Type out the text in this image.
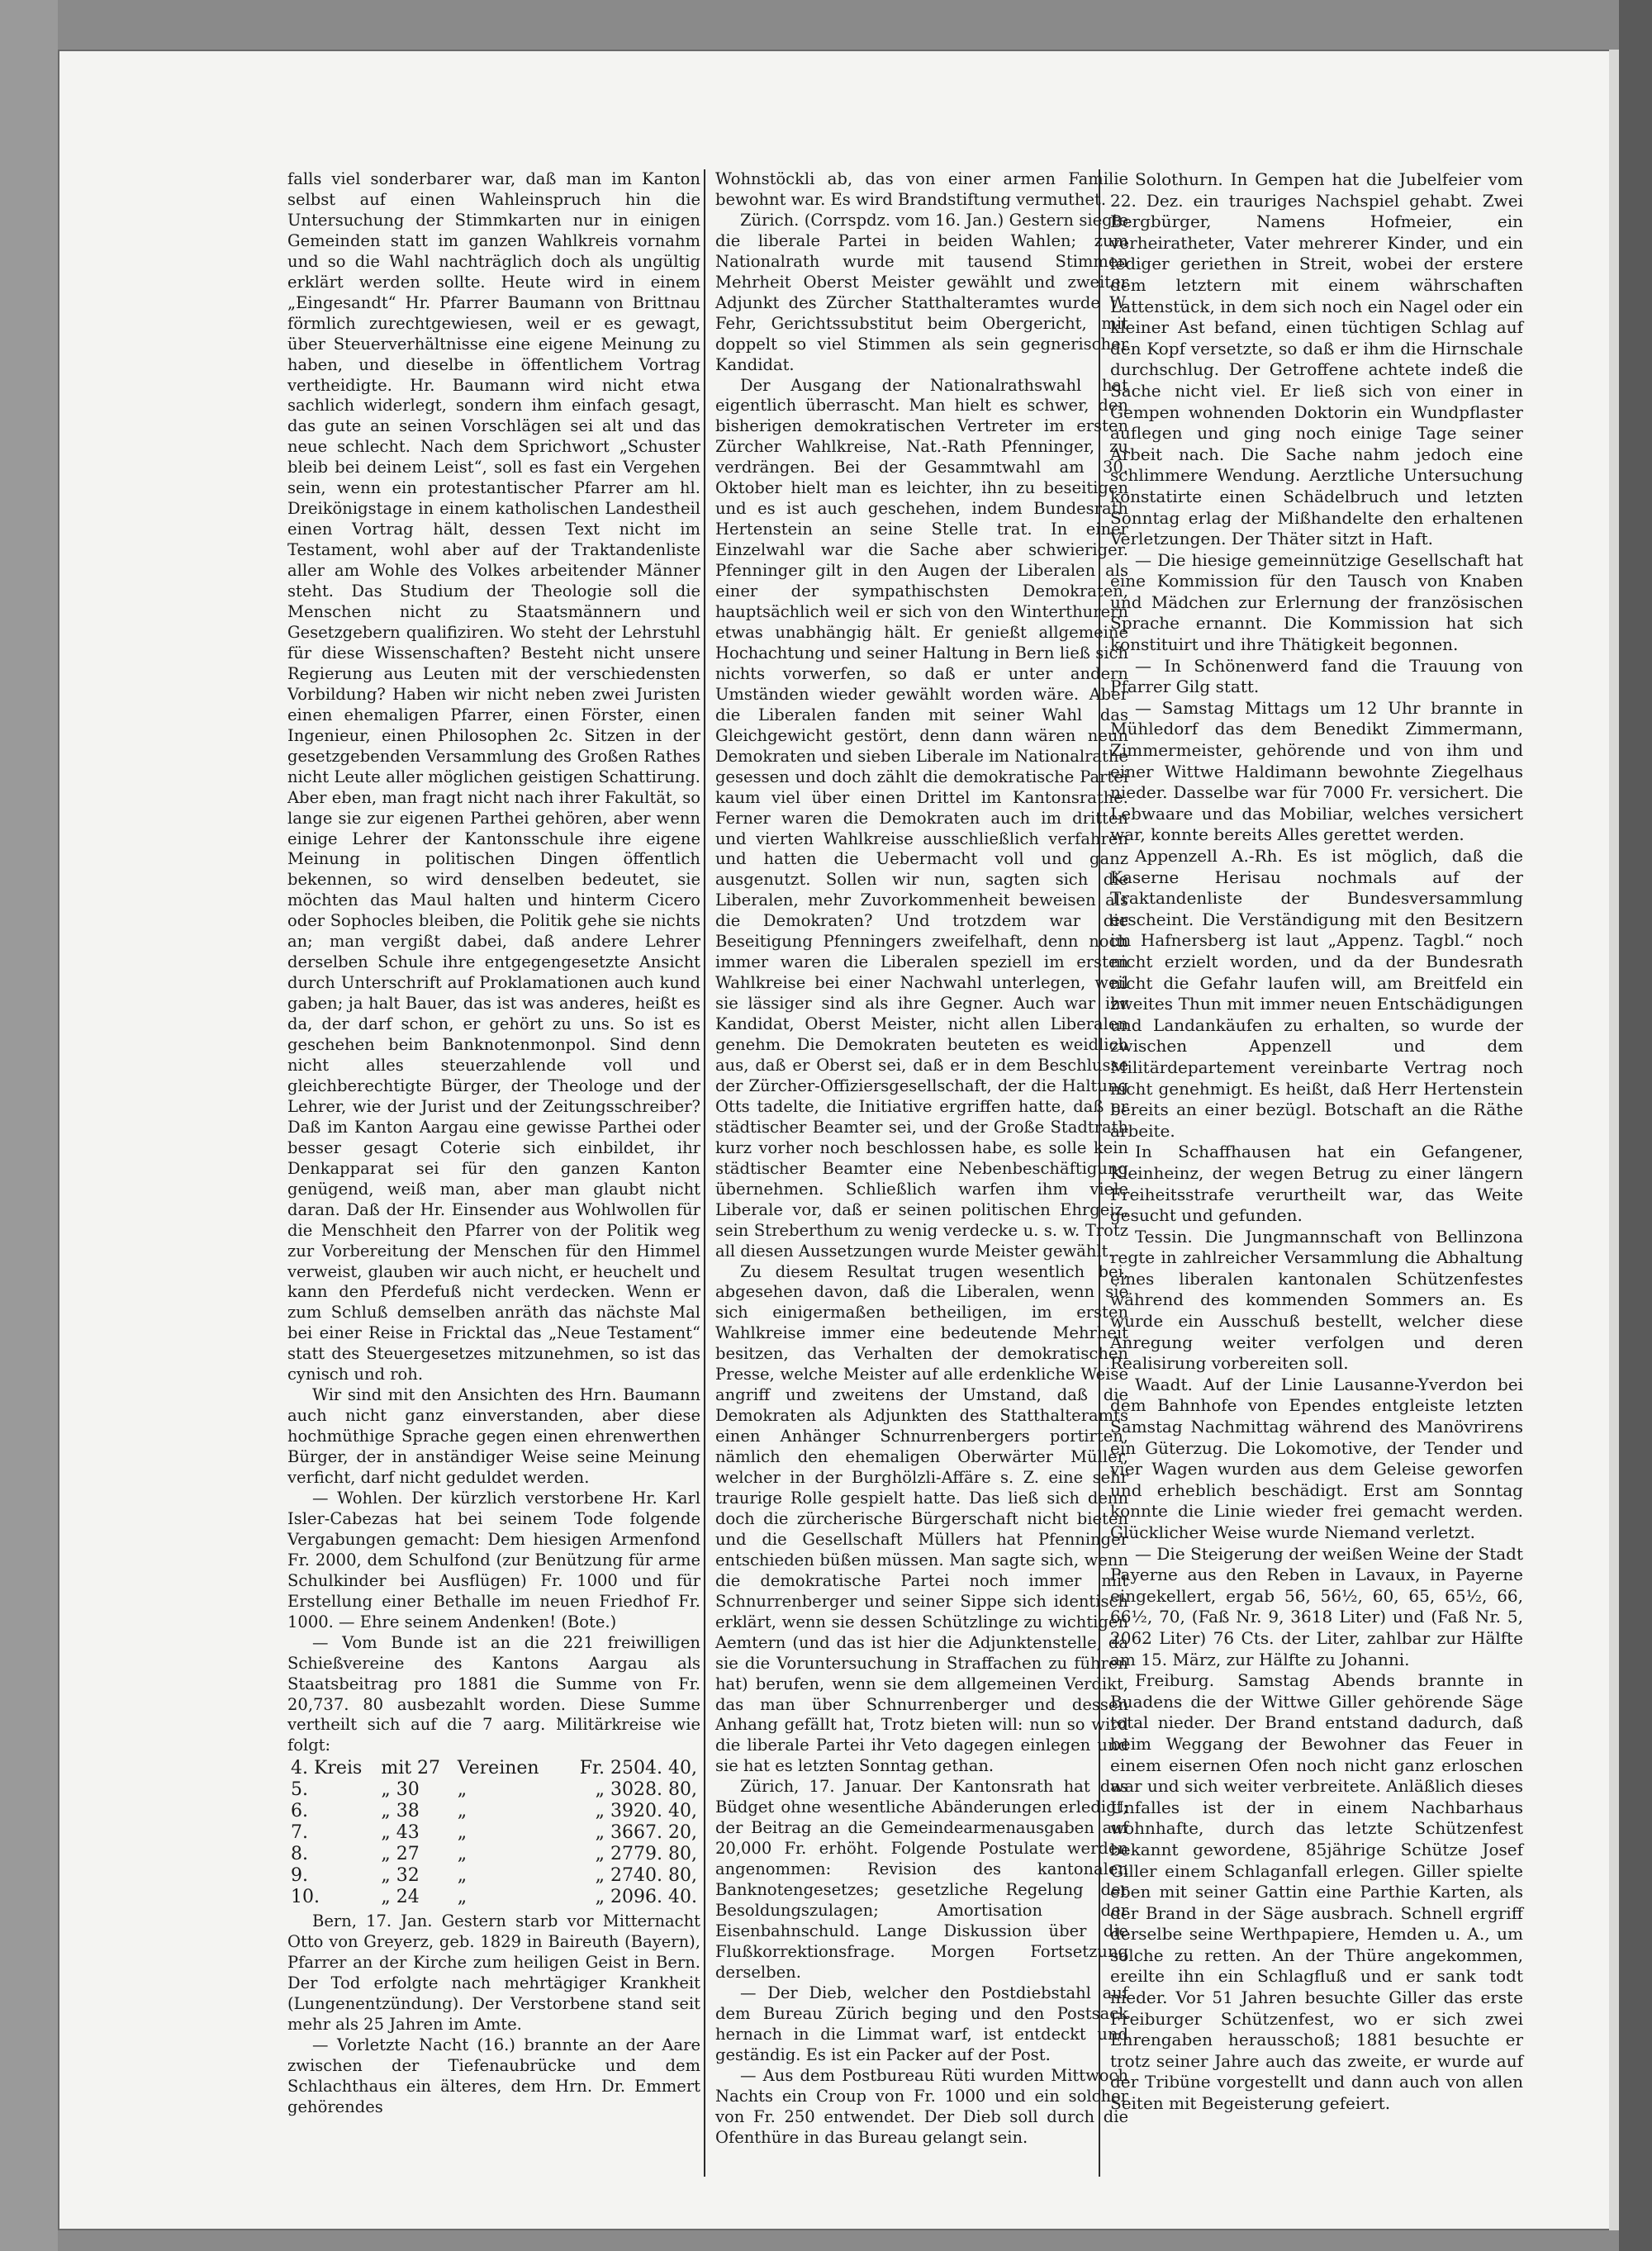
falls viel sonderbarer war, daß man im Kanton selbst auf einen Wahleinspruch hin die Untersuchung der Stimmkarten nur in einigen Gemeinden statt im ganzen Wahlkreis vornahm und so die Wahl nachträglich doch als ungültig erklärt werden sollte. Heute wird in einem „Eingesandt“ Hr. Pfarrer Baumann von Brittnau förmlich zurechtgewiesen, weil er es gewagt, über Steuerverhältnisse eine eigene Meinung zu haben, und dieselbe in öffentlichem Vortrag vertheidigte. Hr. Baumann wird nicht etwa sachlich widerlegt, sondern ihm einfach gesagt, das gute an seinen Vorschlägen sei alt und das neue schlecht. Nach dem Sprichwort „Schuster bleib bei deinem Leist“, soll es fast ein Vergehen sein, wenn ein protestantischer Pfarrer am hl. Dreikönigstage in einem katholischen Landestheil einen Vortrag hält, dessen Text nicht im Testament, wohl aber auf der Traktandenliste aller am Wohle des Volkes arbeitender Männer steht. Das Studium der Theologie soll die Menschen nicht zu Staatsmännern und Gesetzgebern qualifiziren. Wo steht der Lehrstuhl für diese Wissenschaften? Besteht nicht unsere Regierung aus Leuten mit der verschiedensten Vorbildung? Haben wir nicht neben zwei Juristen einen ehemaligen Pfarrer, einen Förster, einen Ingenieur, einen Philosophen 2c. Sitzen in der gesetzgebenden Versammlung des Großen Rathes nicht Leute aller möglichen geistigen Schattirung. Aber eben, man fragt nicht nach ihrer Fakultät, so lange sie zur eigenen Parthei gehören, aber wenn einige Lehrer der Kantonsschule ihre eigene Meinung in politischen Dingen öffentlich bekennen, so wird denselben bedeutet, sie möchten das Maul halten und hinterm Cicero oder Sophocles bleiben, die Politik gehe sie nichts an; man vergißt dabei, daß andere Lehrer derselben Schule ihre entgegengesetzte Ansicht durch Unterschrift auf Proklamationen auch kund gaben; ja halt Bauer, das ist was anderes, heißt es da, der darf schon, er gehört zu uns. So ist es geschehen beim Banknotenmonpol. Sind denn nicht alles steuerzahlende voll und gleichberechtigte Bürger, der Theologe und der Lehrer, wie der Jurist und der Zeitungsschreiber? Daß im Kanton Aargau eine gewisse Parthei oder besser gesagt Coterie sich einbildet, ihr Denkapparat sei für den ganzen Kanton genügend, weiß man, aber man glaubt nicht daran. Daß der Hr. Einsender aus Wohlwollen für die Menschheit den Pfarrer von der Politik weg zur Vorbereitung der Menschen für den Himmel verweist, glauben wir auch nicht, er heuchelt und kann den Pferdefuß nicht verdecken. Wenn er zum Schluß demselben anräth das nächste Mal bei einer Reise in Fricktal das „Neue Testament“ statt des Steuergesetzes mitzunehmen, so ist das cynisch und roh.

Wir sind mit den Ansichten des Hrn. Baumann auch nicht ganz einverstanden, aber diese hochmüthige Sprache gegen einen ehrenwerthen Bürger, der in anständiger Weise seine Meinung verficht, darf nicht geduldet werden.

— Wohlen. Der kürzlich verstorbene Hr. Karl Isler-Cabezas hat bei seinem Tode folgende Vergabungen gemacht: Dem hiesigen Armenfond Fr. 2000, dem Schulfond (zur Benützung für arme Schulkinder bei Ausflügen) Fr. 1000 und für Erstellung einer Bethalle im neuen Friedhof Fr. 1000. — Ehre seinem Andenken! (Bote.)

— Vom Bunde ist an die 221 freiwilligen Schießvereine des Kantons Aargau als Staatsbeitrag pro 1881 die Summe von Fr. 20,737. 80 ausbezahlt worden. Diese Summe vertheilt sich auf die 7 aarg. Militärkreise wie folgt:

4. Kreis	mit 27	Vereinen	Fr. 2504. 40,
5.	„ 30	„	„ 3028. 80,
6.	„ 38	„	„ 3920. 40,
7.	„ 43	„	„ 3667. 20,
8.	„ 27	„	„ 2779. 80,
9.	„ 32	„	„ 2740. 80,
10.	„ 24	„	„ 2096. 40.

Bern, 17. Jan. Gestern starb vor Mitternacht Otto von Greyerz, geb. 1829 in Baireuth (Bayern), Pfarrer an der Kirche zum heiligen Geist in Bern. Der Tod erfolgte nach mehrtägiger Krankheit (Lungenentzündung). Der Verstorbene stand seit mehr als 25 Jahren im Amte.

— Vorletzte Nacht (16.) brannte an der Aare zwischen der Tiefenaubrücke und dem Schlachthaus ein älteres, dem Hrn. Dr. Emmert gehörendes

Wohnstöckli ab, das von einer armen Familie bewohnt war. Es wird Brandstiftung vermuthet.

Zürich. (Corrspdz. vom 16. Jan.) Gestern siegte die liberale Partei in beiden Wahlen; zum Nationalrath wurde mit tausend Stimmen Mehrheit Oberst Meister gewählt und zweiter Adjunkt des Zürcher Statthalteramtes wurde W. Fehr, Gerichtssubstitut beim Obergericht, mit doppelt so viel Stimmen als sein gegnerischer Kandidat.

Der Ausgang der Nationalrathswahl hat eigentlich überrascht. Man hielt es schwer, den bisherigen demokratischen Vertreter im ersten Zürcher Wahlkreise, Nat.-Rath Pfenninger, zu verdrängen. Bei der Gesammtwahl am 30. Oktober hielt man es leichter, ihn zu beseitigen und es ist auch geschehen, indem Bundesrath Hertenstein an seine Stelle trat. In einer Einzelwahl war die Sache aber schwieriger. Pfenninger gilt in den Augen der Liberalen als einer der sympathischsten Demokraten, hauptsächlich weil er sich von den Winterthurern etwas unabhängig hält. Er genießt allgemeine Hochachtung und seiner Haltung in Bern ließ sich nichts vorwerfen, so daß er unter andern Umständen wieder gewählt worden wäre. Aber die Liberalen fanden mit seiner Wahl das Gleichgewicht gestört, denn dann wären neun Demokraten und sieben Liberale im Nationalrathe gesessen und doch zählt die demokratische Partei kaum viel über einen Drittel im Kantonsrathe. Ferner waren die Demokraten auch im dritten und vierten Wahlkreise ausschließlich verfahren und hatten die Uebermacht voll und ganz ausgenutzt. Sollen wir nun, sagten sich die Liberalen, mehr Zuvorkommenheit beweisen als die Demokraten? Und trotzdem war die Beseitigung Pfenningers zweifelhaft, denn noch immer waren die Liberalen speziell im ersten Wahlkreise bei einer Nachwahl unterlegen, weil sie lässiger sind als ihre Gegner. Auch war ihr Kandidat, Oberst Meister, nicht allen Liberalen genehm. Die Demokraten beuteten es weidlich aus, daß er Oberst sei, daß er in dem Beschlusse der Zürcher-Offiziersgesellschaft, der die Haltung Otts tadelte, die Initiative ergriffen hatte, daß er städtischer Beamter sei, und der Große Stadtrath kurz vorher noch beschlossen habe, es solle kein städtischer Beamter eine Nebenbeschäftigung übernehmen. Schließlich warfen ihm viele Liberale vor, daß er seinen politischen Ehrgeiz, sein Streberthum zu wenig verdecke u. s. w. Trotz all diesen Aussetzungen wurde Meister gewählt.

Zu diesem Resultat trugen wesentlich bei, abgesehen davon, daß die Liberalen, wenn sie sich einigermaßen betheiligen, im ersten Wahlkreise immer eine bedeutende Mehrheit besitzen, das Verhalten der demokratischen Presse, welche Meister auf alle erdenkliche Weise angriff und zweitens der Umstand, daß die Demokraten als Adjunkten des Statthalteramts einen Anhänger Schnurrenbergers portirten, nämlich den ehemaligen Oberwärter Müller, welcher in der Burghölzli-Affäre s. Z. eine sehr traurige Rolle gespielt hatte. Das ließ sich denn doch die zürcherische Bürgerschaft nicht bieten und die Gesellschaft Müllers hat Pfenninger entschieden büßen müssen. Man sagte sich, wenn die demokratische Partei noch immer mit Schnurrenberger und seiner Sippe sich identisch erklärt, wenn sie dessen Schützlinge zu wichtigen Aemtern (und das ist hier die Adjunktenstelle, da sie die Voruntersuchung in Straffachen zu führen hat) berufen, wenn sie dem allgemeinen Verdikt, das man über Schnurrenberger und dessen Anhang gefällt hat, Trotz bieten will: nun so wird die liberale Partei ihr Veto dagegen einlegen und sie hat es letzten Sonntag gethan.

Zürich, 17. Januar. Der Kantonsrath hat das Büdget ohne wesentliche Abänderungen erledigt; der Beitrag an die Gemeindearmenausgaben auf 20,000 Fr. erhöht. Folgende Postulate werden angenommen: Revision des kantonalen Banknotengesetzes; gesetzliche Regelung der Besoldungszulagen; Amortisation der Eisenbahnschuld. Lange Diskussion über die Flußkorrektionsfrage. Morgen Fortsetzung derselben.

— Der Dieb, welcher den Postdiebstahl auf dem Bureau Zürich beging und den Postsack hernach in die Limmat warf, ist entdeckt und geständig. Es ist ein Packer auf der Post.

— Aus dem Postbureau Rüti wurden Mittwoch Nachts ein Croup von Fr. 1000 und ein solcher von Fr. 250 entwendet. Der Dieb soll durch die Ofenthüre in das Bureau gelangt sein.

Solothurn. In Gempen hat die Jubelfeier vom 22. Dez. ein trauriges Nachspiel gehabt. Zwei Bergbürger, Namens Hofmeier, ein verheiratheter, Vater mehrerer Kinder, und ein lediger geriethen in Streit, wobei der erstere dem letztern mit einem währschaften Lattenstück, in dem sich noch ein Nagel oder ein kleiner Ast befand, einen tüchtigen Schlag auf den Kopf versetzte, so daß er ihm die Hirnschale durchschlug. Der Getroffene achtete indeß die Sache nicht viel. Er ließ sich von einer in Gempen wohnenden Doktorin ein Wundpflaster auflegen und ging noch einige Tage seiner Arbeit nach. Die Sache nahm jedoch eine schlimmere Wendung. Aerztliche Untersuchung konstatirte einen Schädelbruch und letzten Sonntag erlag der Mißhandelte den erhaltenen Verletzungen. Der Thäter sitzt in Haft.

— Die hiesige gemeinnützige Gesellschaft hat eine Kommission für den Tausch von Knaben und Mädchen zur Erlernung der französischen Sprache ernannt. Die Kommission hat sich konstituirt und ihre Thätigkeit begonnen.

— In Schönenwerd fand die Trauung von Pfarrer Gilg statt.

— Samstag Mittags um 12 Uhr brannte in Mühledorf das dem Benedikt Zimmermann, Zimmermeister, gehörende und von ihm und einer Wittwe Haldimann bewohnte Ziegelhaus nieder. Dasselbe war für 7000 Fr. versichert. Die Lebwaare und das Mobiliar, welches versichert war, konnte bereits Alles gerettet werden.

Appenzell A.-Rh. Es ist möglich, daß die Kaserne Herisau nochmals auf der Traktandenliste der Bundesversammlung erscheint. Die Verständigung mit den Besitzern im Hafnersberg ist laut „Appenz. Tagbl.“ noch nicht erzielt worden, und da der Bundesrath nicht die Gefahr laufen will, am Breitfeld ein zweites Thun mit immer neuen Entschädigungen und Landankäufen zu erhalten, so wurde der zwischen Appenzell und dem Militärdepartement vereinbarte Vertrag noch nicht genehmigt. Es heißt, daß Herr Hertenstein bereits an einer bezügl. Botschaft an die Räthe arbeite.

In Schaffhausen hat ein Gefangener, Kleinheinz, der wegen Betrug zu einer längern Freiheitsstrafe verurtheilt war, das Weite gesucht und gefunden.

Tessin. Die Jungmannschaft von Bellinzona regte in zahlreicher Versammlung die Abhaltung eines liberalen kantonalen Schützenfestes während des kommenden Sommers an. Es wurde ein Ausschuß bestellt, welcher diese Anregung weiter verfolgen und deren Realisirung vorbereiten soll.

Waadt. Auf der Linie Lausanne-Yverdon bei dem Bahnhofe von Ependes entgleiste letzten Samstag Nachmittag während des Manövrirens ein Güterzug. Die Lokomotive, der Tender und vier Wagen wurden aus dem Geleise geworfen und erheblich beschädigt. Erst am Sonntag konnte die Linie wieder frei gemacht werden. Glücklicher Weise wurde Niemand verletzt.

— Die Steigerung der weißen Weine der Stadt Payerne aus den Reben in Lavaux, in Payerne eingekellert, ergab 56, 56½, 60, 65, 65½, 66, 66½, 70, (Faß Nr. 9, 3618 Liter) und (Faß Nr. 5, 2062 Liter) 76 Cts. der Liter, zahlbar zur Hälfte am 15. März, zur Hälfte zu Johanni.

Freiburg. Samstag Abends brannte in Buadens die der Wittwe Giller gehörende Säge total nieder. Der Brand entstand dadurch, daß beim Weggang der Bewohner das Feuer in einem eisernen Ofen noch nicht ganz erloschen war und sich weiter verbreitete. Anläßlich dieses Unfalles ist der in einem Nachbarhaus wohnhafte, durch das letzte Schützenfest bekannt gewordene, 85jährige Schütze Josef Giller einem Schlaganfall erlegen. Giller spielte eben mit seiner Gattin eine Parthie Karten, als der Brand in der Säge ausbrach. Schnell ergriff derselbe seine Werthpapiere, Hemden u. A., um solche zu retten. An der Thüre angekommen, ereilte ihn ein Schlagfluß und er sank todt nieder. Vor 51 Jahren besuchte Giller das erste Freiburger Schützenfest, wo er sich zwei Ehrengaben herausschoß; 1881 besuchte er trotz seiner Jahre auch das zweite, er wurde auf der Tribüne vorgestellt und dann auch von allen Seiten mit Begeisterung gefeiert.
